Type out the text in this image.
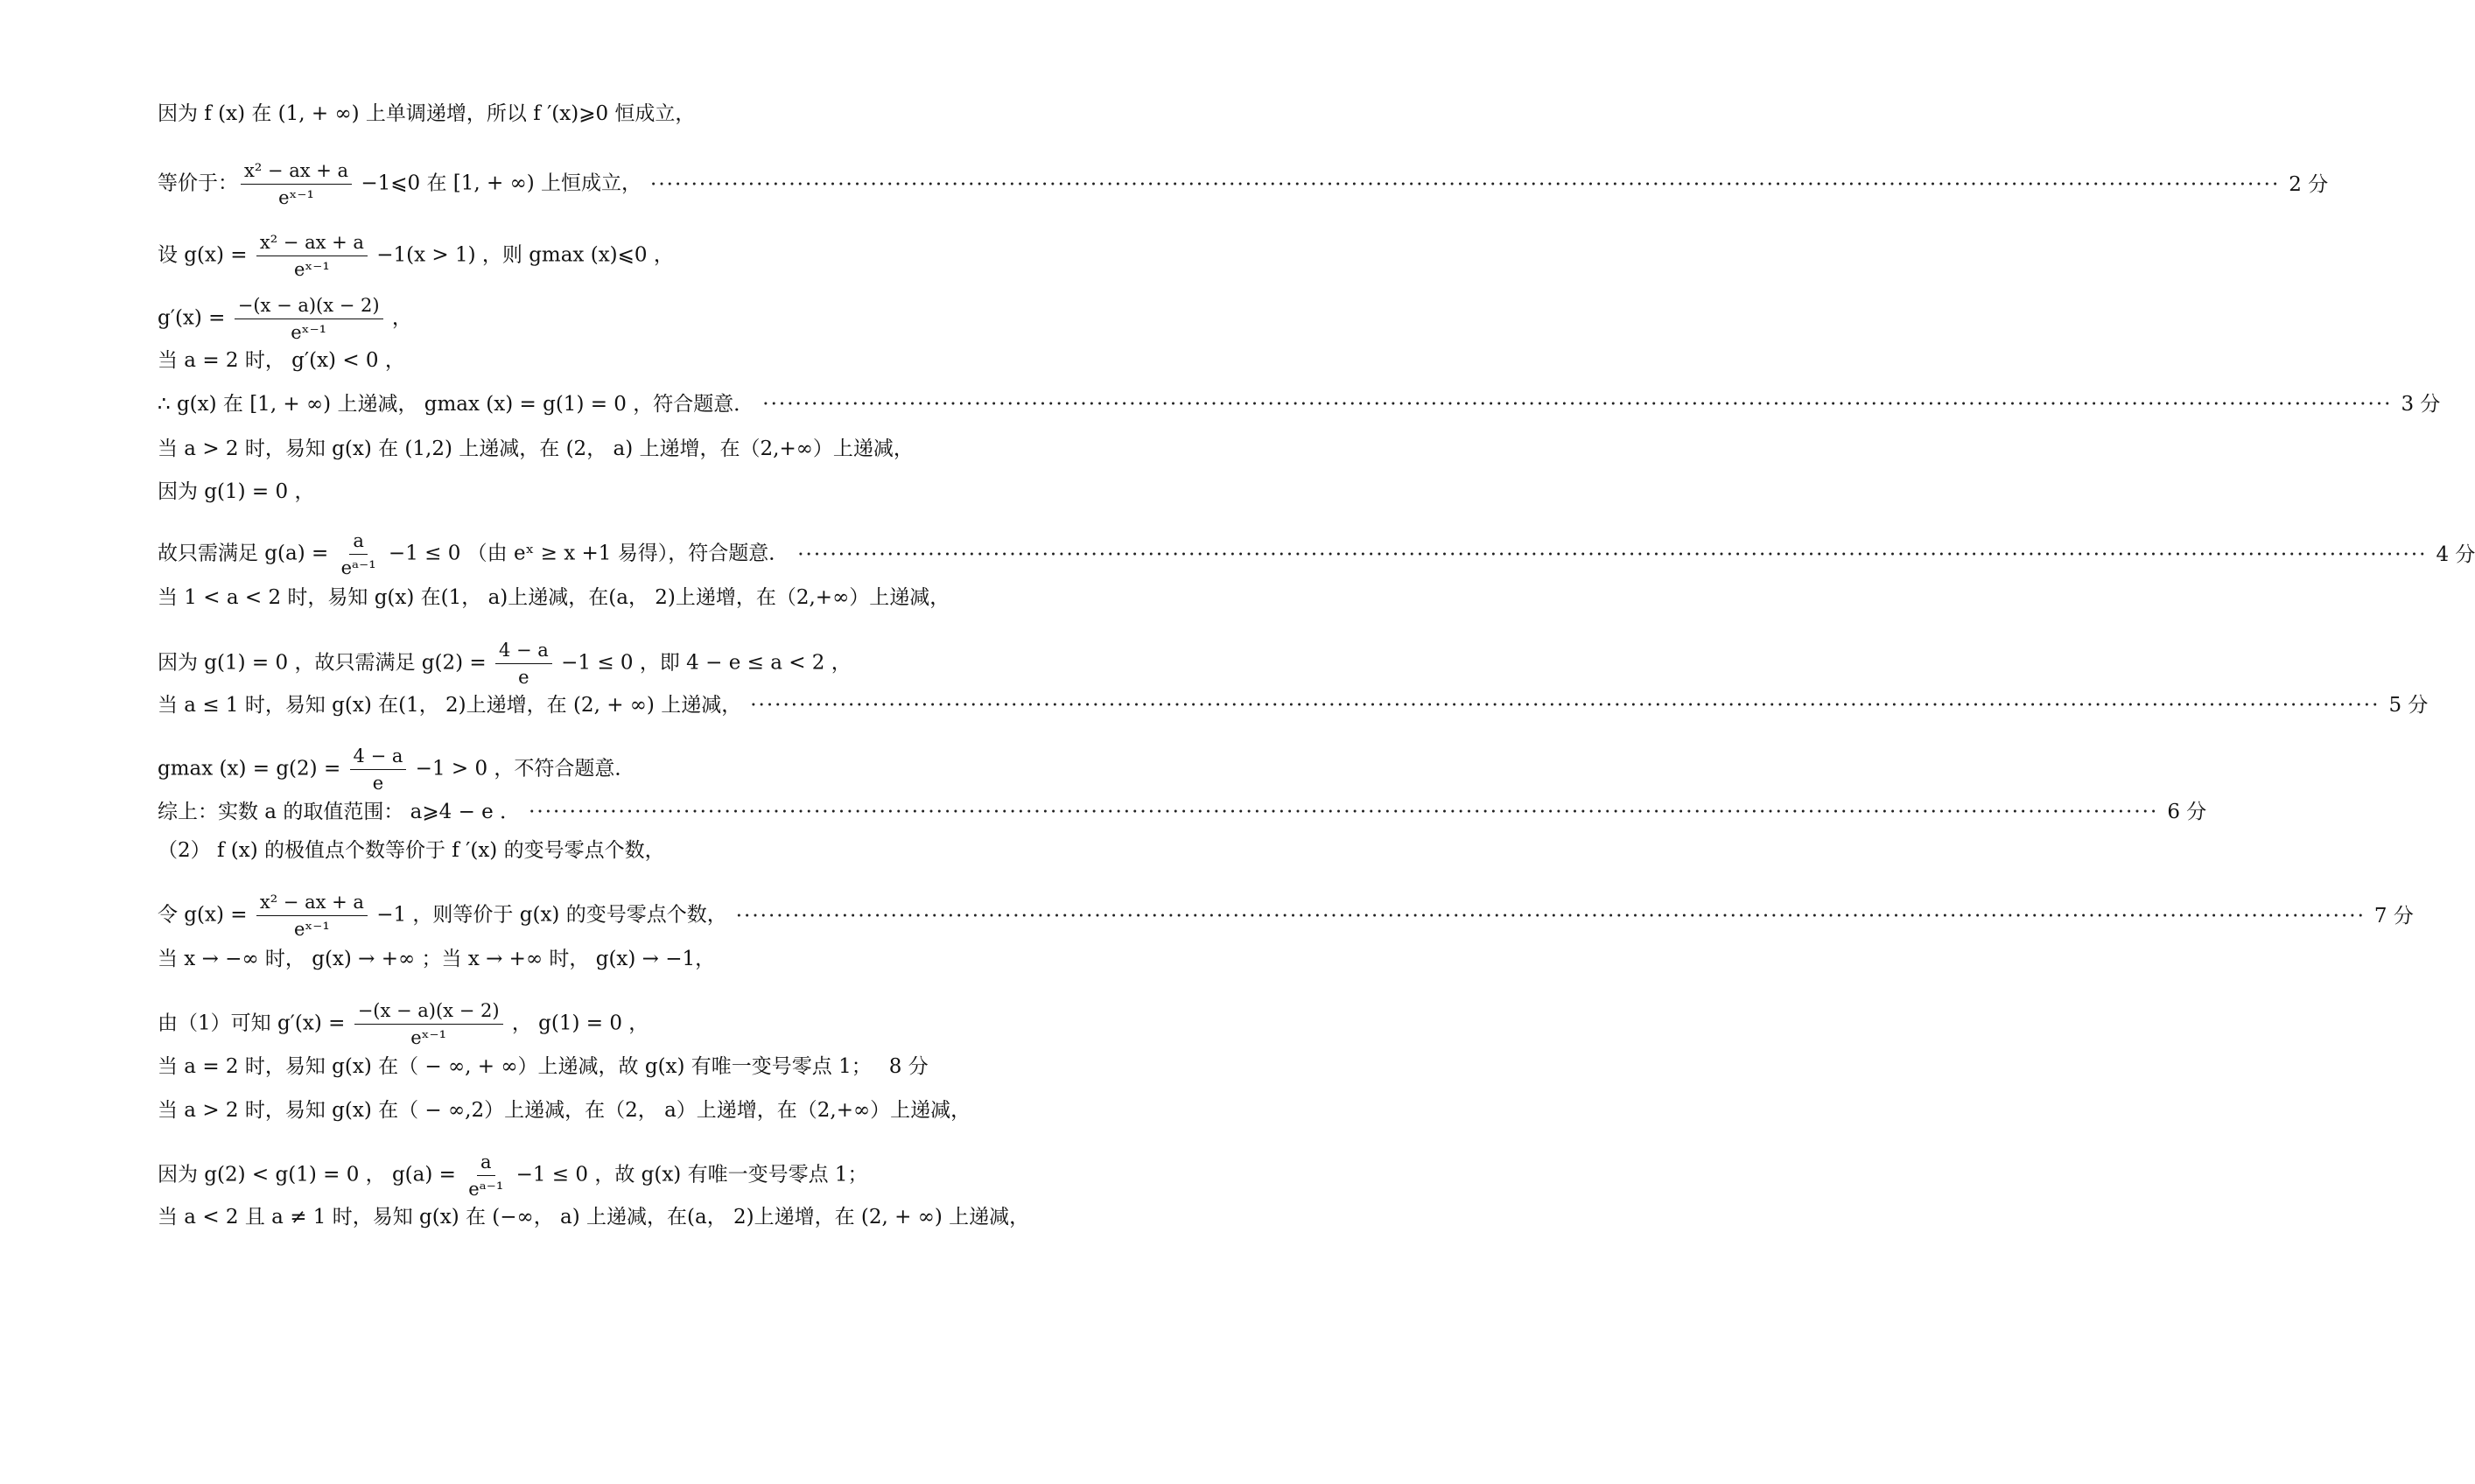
因为 f (x) 在 (1, + ∞) 上单调递增，所以 f ′(x)⩾0 恒成立，
等价于： $\frac{\text{x² − ax + a}}{\text{eˣ⁻¹}}$ −1⩽0 在 [1, + ∞) 上恒成立， ········································································································································································································ 2 分
设 $g(x) = \frac{\text{x² − ax + a}}{\text{eˣ⁻¹}} -1(x > 1)$ ，则 gmax (x)⩽0 ，
$g'(x) = \frac{-(x - a)(x - 2)}{\text{eˣ⁻¹}}$ ，
当 a = 2 时， g′(x) < 0 ，
∴ g(x) 在 [1, + ∞) 上递减， gmax (x) = g(1) = 0 ，符合题意． ········································································································································································································ 3 分
当 a > 2 时，易知 g(x) 在 (1,2) 上递减，在 (2， a) 上递增，在（2,+∞）上递减，
因为 g(1) = 0 ，
故只需满足 $g(a) = \frac{a}{\text{eᵃ⁻¹}} -1 \le 0$ （由 eˣ ≥ x +1 易得），符合题意． ········································································································································································································ 4 分
当 1 < a < 2 时，易知 g(x) 在(1， a)上递减，在(a， 2)上递增，在（2,+∞）上递减，
因为 g(1) = 0 ，故只需满足 $g(2) = \frac{4 - a}{e} -1 \le 0$ ，即 4 − e ≤ a < 2 ，
当 a ≤ 1 时，易知 g(x) 在(1， 2)上递增，在 (2, + ∞) 上递减， ········································································································································································································ 5 分
gmax $(x) = g(2) = \frac{4 - a}{e} -1 > 0$ ，不符合题意．
综上：实数 a 的取值范围： a⩾4 − e ． ········································································································································································································ 6 分
（2） f (x) 的极值点个数等价于 f ′(x) 的变号零点个数，
令 $g(x) = \frac{\text{x² − ax + a}}{\text{eˣ⁻¹}} -1$ ，则等价于 g(x) 的变号零点个数， ········································································································································································································ 7 分
当 x → −∞ 时， g(x) → +∞ ；当 x → +∞ 时， g(x) → −1，
由（1）可知 $g'(x) = \frac{-(x - a)(x - 2)}{\text{eˣ⁻¹}}$ ， g(1) = 0 ，
当 a = 2 时，易知 g(x) 在（ − ∞, + ∞）上递减，故 g(x) 有唯一变号零点 1； 8 分
当 a > 2 时，易知 g(x) 在（ − ∞,2）上递减，在（2， a）上递增，在（2,+∞）上递减，
因为 g(2) < g(1) = 0 ， $g(a) = \frac{a}{\text{eᵃ⁻¹}} -1 \le 0$ ，故 g(x) 有唯一变号零点 1；
当 a < 2 且 a ≠ 1 时，易知 g(x) 在 (−∞， a) 上递减，在(a， 2)上递增，在 (2, + ∞) 上递减，
